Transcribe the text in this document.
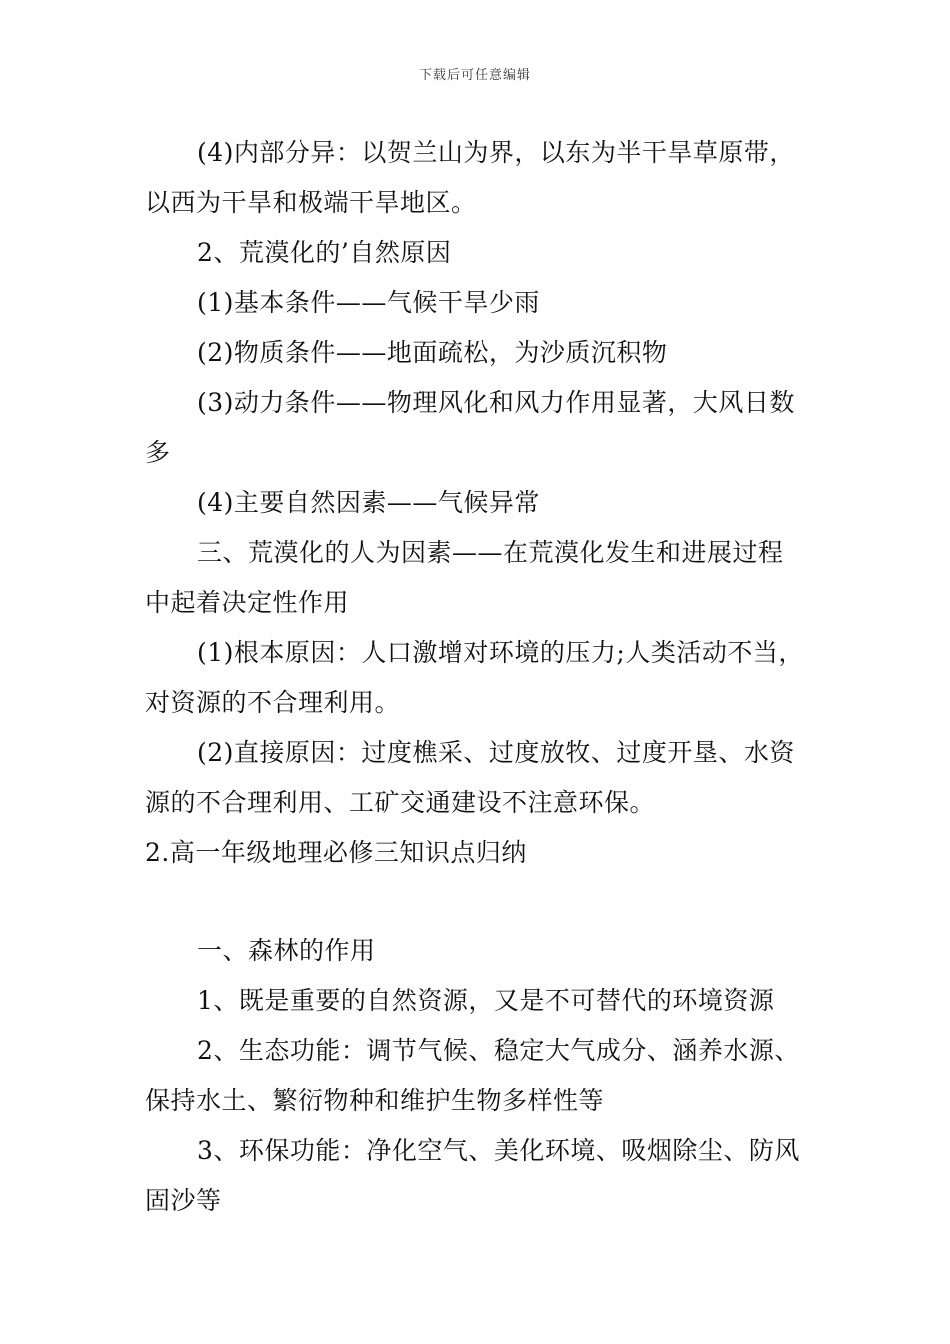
下载后可任意编辑
(4)内部分异：以贺兰山为界，以东为半干旱草原带，
以西为干旱和极端干旱地区。
2、荒漠化的’自然原因
(1)基本条件——气候干旱少雨
(2)物质条件——地面疏松，为沙质沉积物
(3)动力条件——物理风化和风力作用显著，大风日数
多
(4)主要自然因素——气候异常
三、荒漠化的人为因素——在荒漠化发生和进展过程
中起着决定性作用
(1)根本原因：人口激增对环境的压力;人类活动不当，
对资源的不合理利用。
(2)直接原因：过度樵采、过度放牧、过度开垦、水资
源的不合理利用、工矿交通建设不注意环保。
2.高一年级地理必修三知识点归纳
一、森林的作用
1、既是重要的自然资源，又是不可替代的环境资源
2、生态功能：调节气候、稳定大气成分、涵养水源、
保持水土、繁衍物种和维护生物多样性等
3、环保功能：净化空气、美化环境、吸烟除尘、防风
固沙等
